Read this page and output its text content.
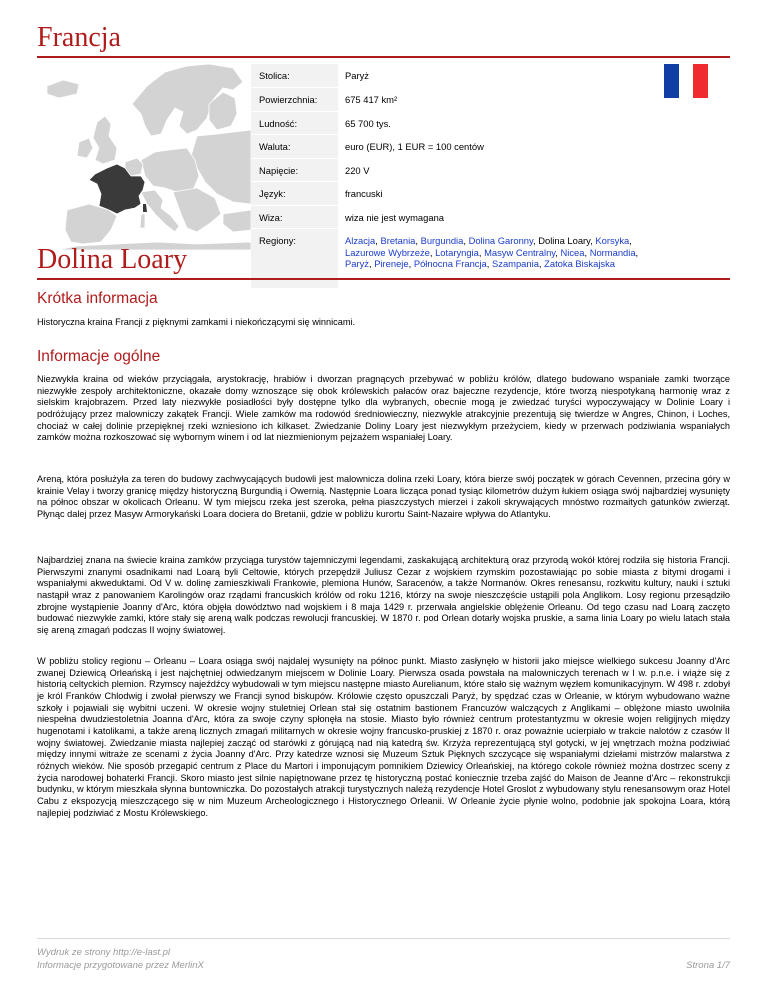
Francja
Stolica:	Paryż
Powierzchnia:	675 417 km²
Ludność:	65 700 tys.
Waluta:	euro (EUR), 1 EUR = 100 centów
Napięcie:	220 V
Język:	francuski
Wiza:	wiza nie jest wymagana
Regiony:	Alzacja, Bretania, Burgundia, Dolina Garonny, Dolina Loary, Korsyka, Lazurowe Wybrzeże, Lotaryngia, Masyw Centralny, Nicea, Normandia, Paryż, Pireneje, Północna Francja, Szampania, Zatoka Biskajska
Dolina Loary
Krótka informacja
Historyczna kraina Francji z pięknymi zamkami i niekończącymi się winnicami.
Informacje ogólne
Niezwykła kraina od wieków przyciągała, arystokrację, hrabiów i dworzan pragnących przebywać w pobliżu królów, dlatego budowano wspaniałe zamki tworzące niezwykłe zespoły architektoniczne, okazałe domy wznoszące się obok królewskich pałaców oraz bajeczne rezydencje, które tworzą niespotykaną harmonię wraz z sielskim krajobrazem. Przed laty niezwykłe posiadłości były dostępne tylko dla wybranych, obecnie mogą je zwiedzać turyści wypoczywający w Dolinie Loary i podróżujący przez malowniczy zakątek Francji. Wiele zamków ma rodowód średniowieczny, niezwykle atrakcyjnie prezentują się twierdze w Angres, Chinon, i Loches, chociaż w całej dolinie przepięknej rzeki wzniesiono ich kilkaset. Zwiedzanie Doliny Loary jest niezwykłym przeżyciem, kiedy w przerwach podziwiania wspaniałych zamków można rozkoszować się wybornym winem i od lat niezmienionym pejzażem wspaniałej Loary.
Areną, która posłużyła za teren do budowy zachwycających budowli jest malownicza dolina rzeki Loary, która bierze swój początek w górach Cevennen, przecina góry w krainie Velay i tworzy granicę między historyczną Burgundią i Owernią. Następnie Loara licząca ponad tysiąc kilometrów dużym łukiem osiąga swój najbardziej wysunięty na północ obszar w okolicach Orleanu. W tym miejscu rzeka jest szeroka, pełna piaszczystych mierzei i zakoli skrywających mnóstwo rozmaitych gatunków zwierząt. Płynąc dalej przez Masyw Armorykański Loara dociera do Bretanii, gdzie w pobliżu kurortu Saint-Nazaire wpływa do Atlantyku.
Najbardziej znana na świecie kraina zamków przyciąga turystów tajemniczymi legendami, zaskakującą architekturą oraz przyrodą wokół której rodziła się historia Francji. Pierwszymi znanymi osadnikami nad Loarą byli Celtowie, których przepędził Juliusz Cezar z wojskiem rzymskim pozostawiając po sobie miasta z bitymi drogami i wspaniałymi akweduktami. Od V w. dolinę zamieszkiwali Frankowie, plemiona Hunów, Saracenów, a także Normanów. Okres renesansu, rozkwitu kultury, nauki i sztuki nastąpił wraz z panowaniem Karolingów oraz rządami francuskich królów od roku 1216, którzy na swoje nieszczęście ustąpili pola Anglikom. Losy regionu przesądziło zbrojne wystąpienie Joanny d'Arc, która objęła dowództwo nad wojskiem i 8 maja 1429 r. przerwała angielskie oblężenie Orleanu. Od tego czasu nad Loarą zaczęto budować niezwykłe zamki, które stały się areną walk podczas rewolucji francuskiej. W 1870 r. pod Orlean dotarły wojska pruskie, a sama linia Loary po wielu latach stała się areną zmagań podczas II wojny światowej.
W pobliżu stolicy regionu – Orleanu – Loara osiąga swój najdalej wysunięty na północ punkt. Miasto zasłynęło w historii jako miejsce wielkiego sukcesu Joanny d'Arc zwanej Dziewicą Orleańską i jest najchętniej odwiedzanym miejscem w Dolinie Loary. Pierwsza osada powstała na malowniczych terenach w I w. p.n.e. i wiąże się z historią celtyckich plemion. Rzymscy najeźdźcy wybudowali w tym miejscu następne miasto Aurelianum, które stało się ważnym węzłem komunikacyjnym. W 498 r. zdobył je król Franków Chlodwig i zwołał pierwszy we Francji synod biskupów. Królowie często opuszczali Paryż, by spędzać czas w Orleanie, w którym wybudowano ważne szkoły i pojawiali się wybitni uczeni. W okresie wojny stuletniej Orlean stał się ostatnim bastionem Francuzów walczących z Anglikami – oblężone miasto uwolniła niespełna dwudziestoletnia Joanna d'Arc, która za swoje czyny spłonęła na stosie. Miasto było również centrum protestantyzmu w okresie wojen religijnych między hugenotami i katolikami, a także areną licznych zmagań militarnych w okresie wojny francusko-pruskiej z 1870 r. oraz poważnie ucierpiało w trakcie nalotów z czasów II wojny światowej. Zwiedzanie miasta najlepiej zacząć od starówki z górującą nad nią katedrą św. Krzyża reprezentującą styl gotycki, w jej wnętrzach można podziwiać między innymi witraże ze scenami z życia Joanny d'Arc. Przy katedrze wznosi się Muzeum Sztuk Pięknych szczycące się wspaniałymi dziełami mistrzów malarstwa z różnych wieków. Nie sposób przegapić centrum z Place du Martori i imponującym pomnikiem Dziewicy Orleańskiej, na którego cokole również można dostrzec sceny z życia narodowej bohaterki Francji. Skoro miasto jest silnie napiętnowane przez tę historyczną postać koniecznie trzeba zajść do Maison de Jeanne d'Arc – rekonstrukcji budynku, w którym mieszkała słynna buntowniczka. Do pozostałych atrakcji turystycznych należą rezydencje Hotel Groslot z wybudowany stylu renesansowym oraz Hotel Cabu z ekspozycją mieszczącego się w nim Muzeum Archeologicznego i Historycznego Orleanii. W Orleanie życie płynie wolno, podobnie jak spokojna Loara, którą najlepiej podziwiać z Mostu Królewskiego.
Wydruk ze strony http://e-last.pl
Informacje przygotowane przez MerlinX	Strona 1/7
